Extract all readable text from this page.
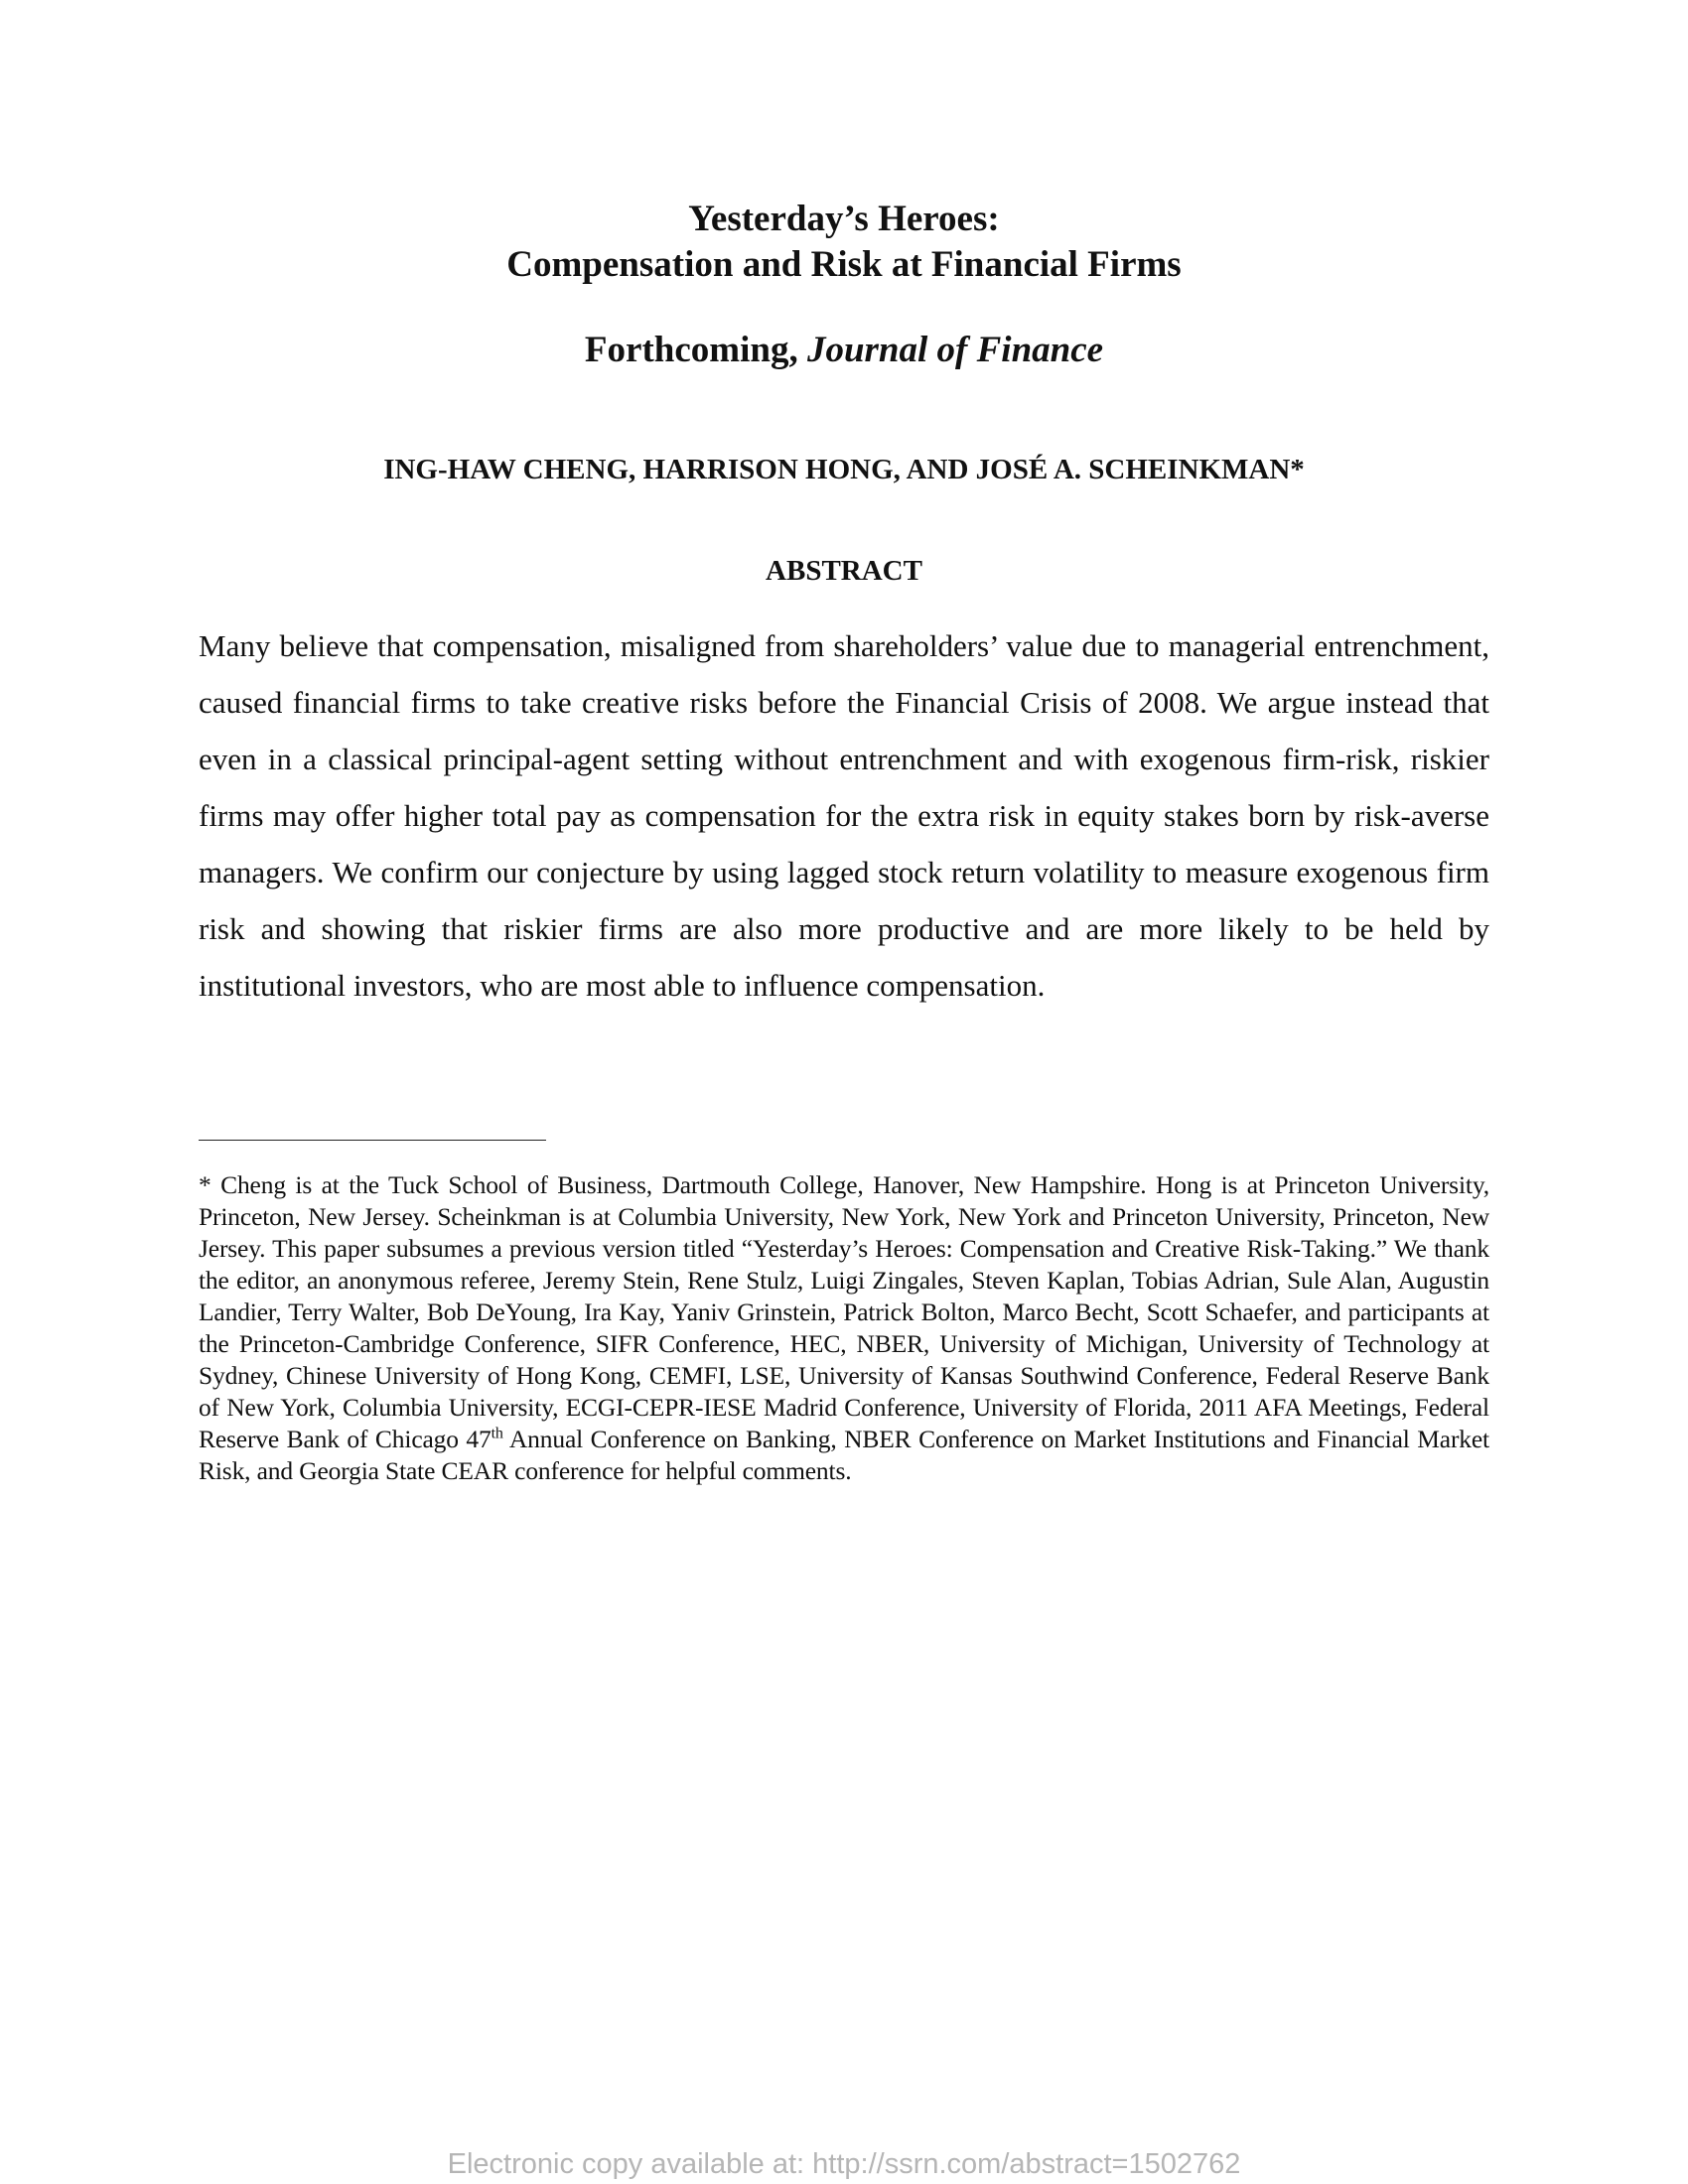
Yesterday’s Heroes:
Compensation and Risk at Financial Firms

Forthcoming, Journal of Finance

ING-HAW CHENG, HARRISON HONG, AND JOSÉ A. SCHEINKMAN*

ABSTRACT

Many believe that compensation, misaligned from shareholders’ value due to managerial entrenchment, caused financial firms to take creative risks before the Financial Crisis of 2008. We argue instead that even in a classical principal-agent setting without entrenchment and with exogenous firm-risk, riskier firms may offer higher total pay as compensation for the extra risk in equity stakes born by risk-averse managers. We confirm our conjecture by using lagged stock return volatility to measure exogenous firm risk and showing that riskier firms are also more productive and are more likely to be held by institutional investors, who are most able to influence compensation.

* Cheng is at the Tuck School of Business, Dartmouth College, Hanover, New Hampshire. Hong is at Princeton University, Princeton, New Jersey. Scheinkman is at Columbia University, New York, New York and Princeton University, Princeton, New Jersey. This paper subsumes a previous version titled “Yesterday’s Heroes: Compensation and Creative Risk-Taking.” We thank the editor, an anonymous referee, Jeremy Stein, Rene Stulz, Luigi Zingales, Steven Kaplan, Tobias Adrian, Sule Alan, Augustin Landier, Terry Walter, Bob DeYoung, Ira Kay, Yaniv Grinstein, Patrick Bolton, Marco Becht, Scott Schaefer, and participants at the Princeton-Cambridge Conference, SIFR Conference, HEC, NBER, University of Michigan, University of Technology at Sydney, Chinese University of Hong Kong, CEMFI, LSE, University of Kansas Southwind Conference, Federal Reserve Bank of New York, Columbia University, ECGI-CEPR-IESE Madrid Conference, University of Florida, 2011 AFA Meetings, Federal Reserve Bank of Chicago 47th Annual Conference on Banking, NBER Conference on Market Institutions and Financial Market Risk, and Georgia State CEAR conference for helpful comments.

Electronic copy available at: http://ssrn.com/abstract=1502762
